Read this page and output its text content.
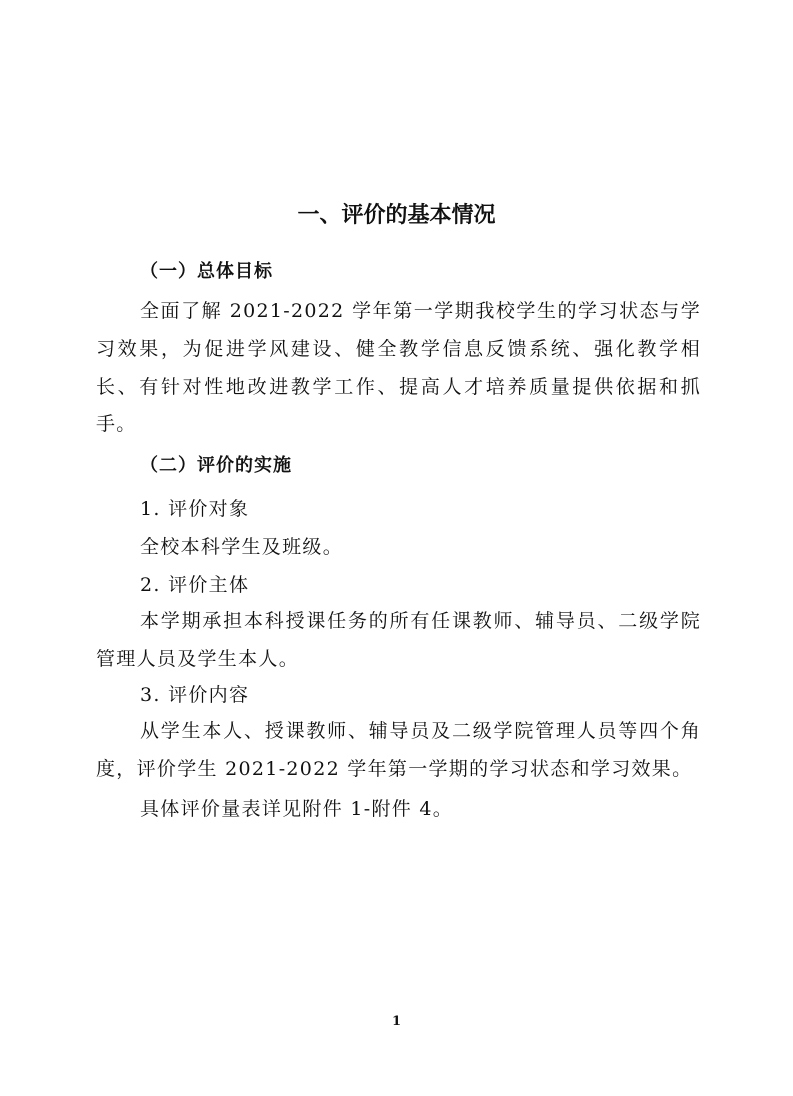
一、评价的基本情况
（一）总体目标

全面了解 2021-2022 学年第一学期我校学生的学习状态与学习效果，为促进学风建设、健全教学信息反馈系统、强化教学相长、有针对性地改进教学工作、提高人才培养质量提供依据和抓手。

（二）评价的实施

1. 评价对象

全校本科学生及班级。

2. 评价主体

本学期承担本科授课任务的所有任课教师、辅导员、二级学院管理人员及学生本人。

3. 评价内容

从学生本人、授课教师、辅导员及二级学院管理人员等四个角度，评价学生 2021-2022 学年第一学期的学习状态和学习效果。

具体评价量表详见附件 1-附件 4。

1
